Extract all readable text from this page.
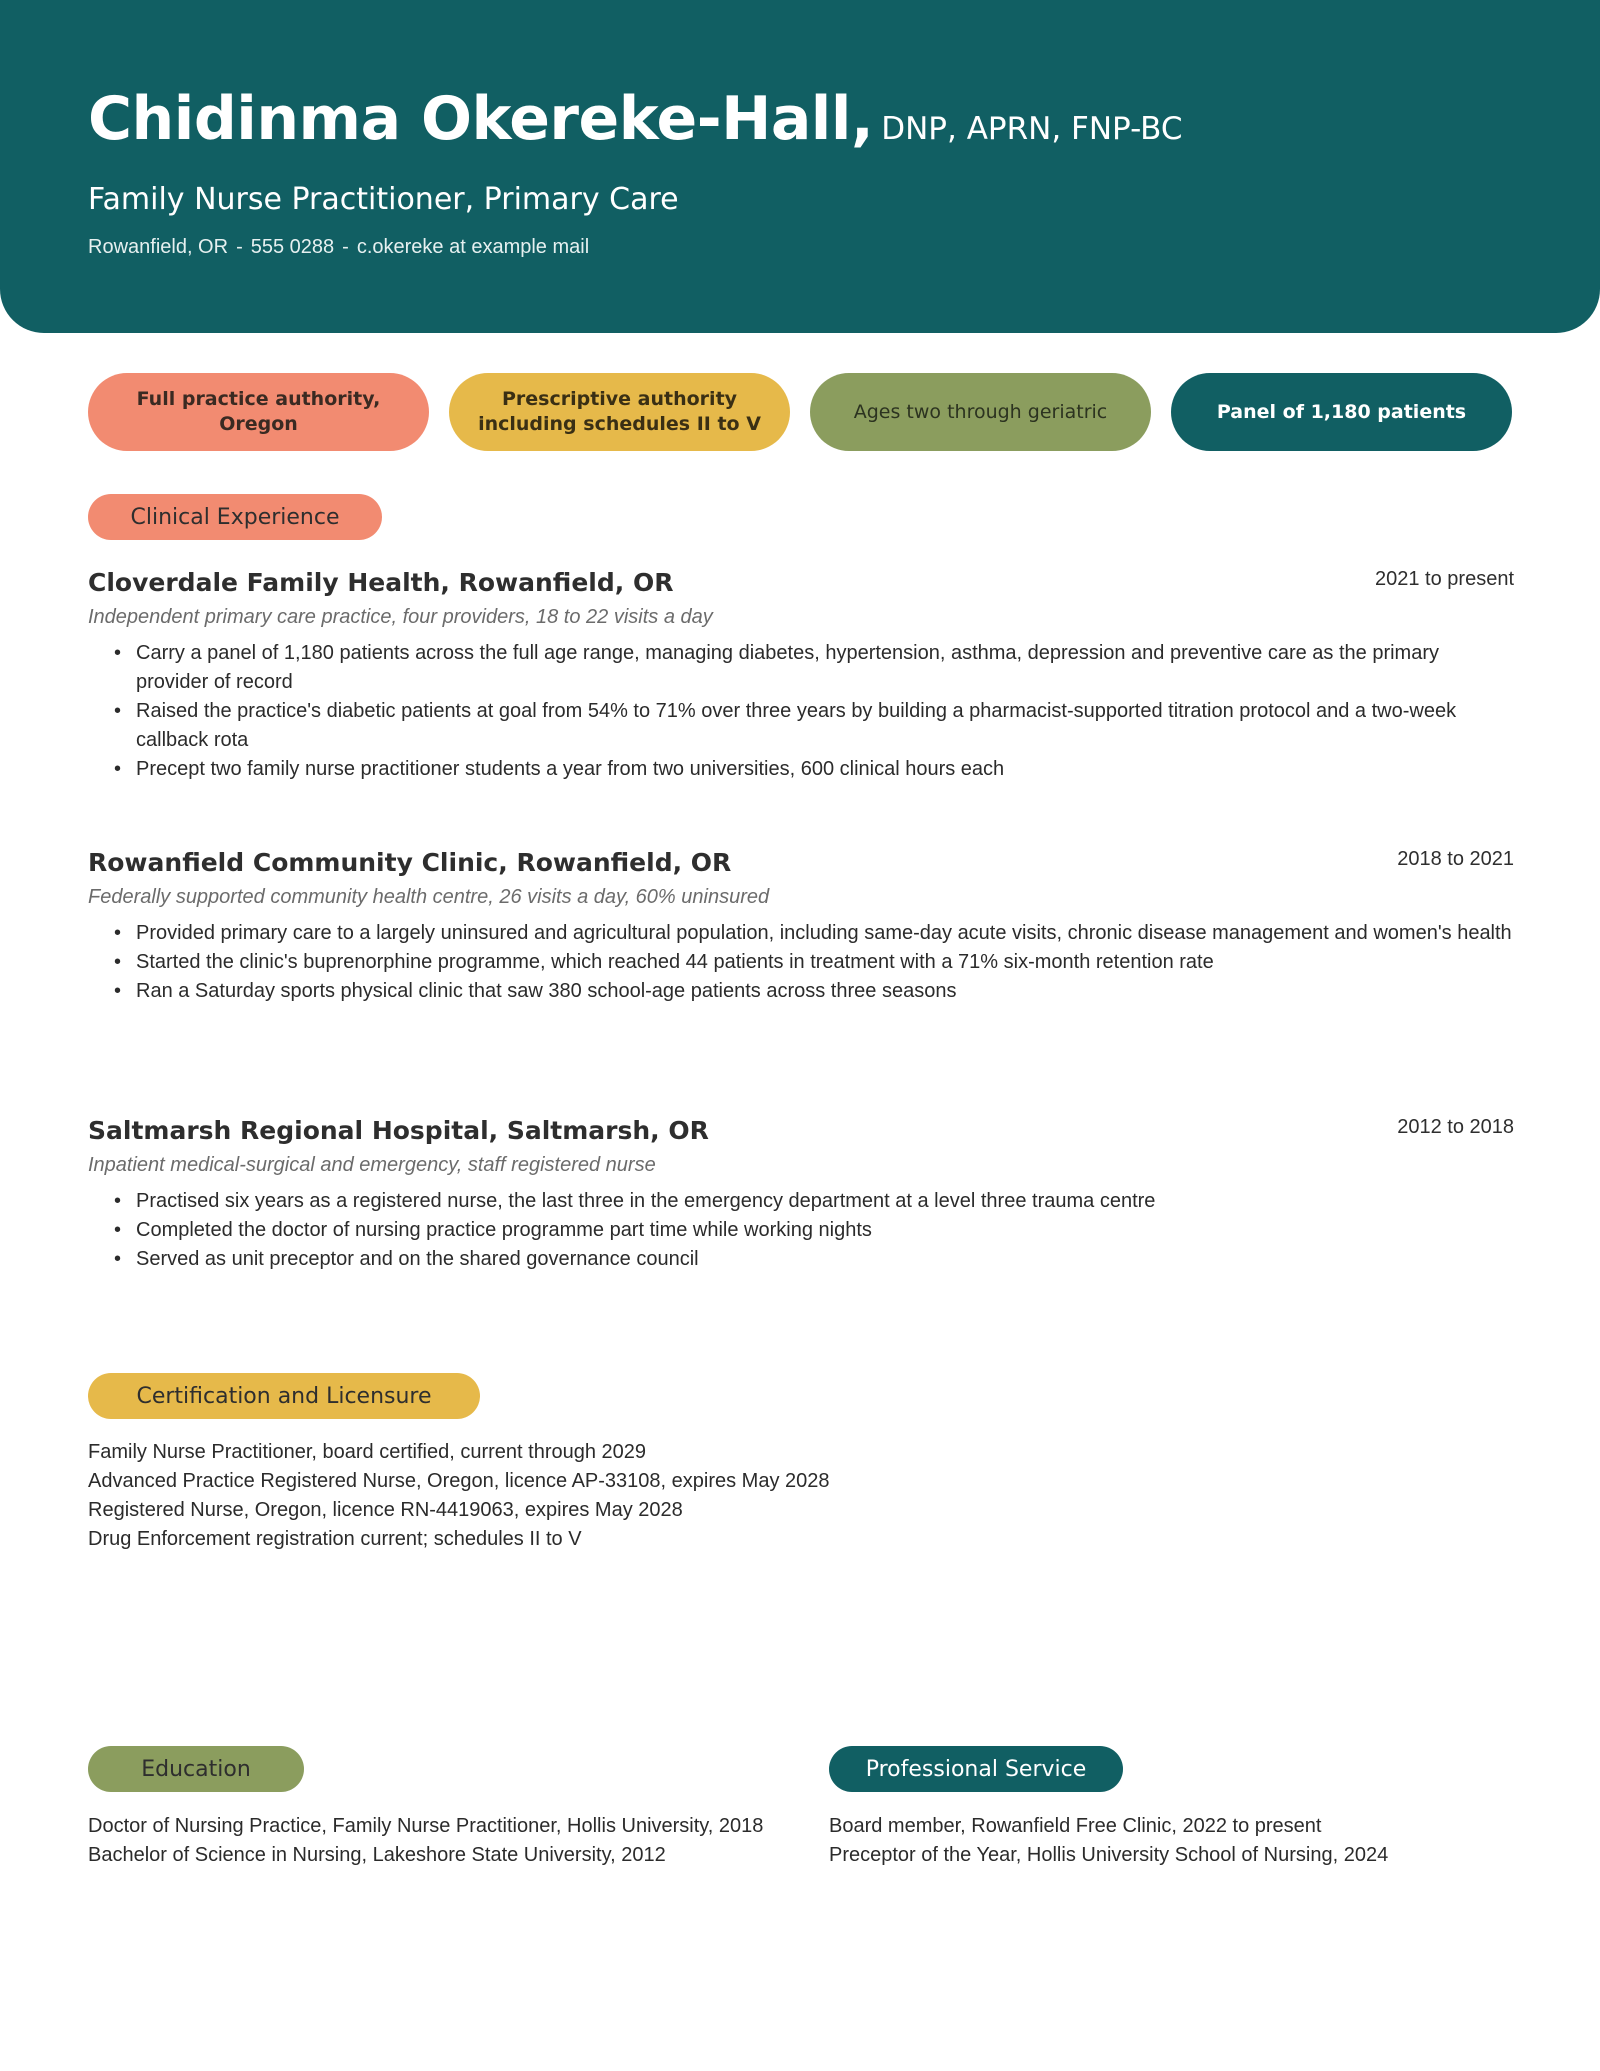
Chidinma Okereke-Hall, DNP, APRN, FNP-BC
Family Nurse Practitioner, Primary Care
Rowanfield, OR - 555 0288 - c.okereke at example mail
Full practice authority, Oregon
Prescriptive authority including schedules II to V
Ages two through geriatric	Panel of 1,180 patients
Clinical Experience
Cloverdale Family Health, Rowanfield, OR	2021 to present
Independent primary care practice, four providers, 18 to 22 visits a day
• Carry a panel of 1,180 patients across the full age range, managing diabetes, hypertension, asthma, depression and preventive care as the primary provider of record
• Raised the practice's diabetic patients at goal from 54% to 71% over three years by building a pharmacist-supported titration protocol and a two-week callback rota
• Precept two family nurse practitioner students a year from two universities, 600 clinical hours each
Rowanfield Community Clinic, Rowanfield, OR	2018 to 2021
Federally supported community health centre, 26 visits a day, 60% uninsured
• Provided primary care to a largely uninsured and agricultural population, including same-day acute visits, chronic disease management and women's health
• Started the clinic's buprenorphine programme, which reached 44 patients in treatment with a 71% six-month retention rate
• Ran a Saturday sports physical clinic that saw 380 school-age patients across three seasons
Saltmarsh Regional Hospital, Saltmarsh, OR	2012 to 2018
Inpatient medical-surgical and emergency, staff registered nurse
• Practised six years as a registered nurse, the last three in the emergency department at a level three trauma centre
• Completed the doctor of nursing practice programme part time while working nights
• Served as unit preceptor and on the shared governance council
Certification and Licensure
Family Nurse Practitioner, board certified, current through 2029
Advanced Practice Registered Nurse, Oregon, licence AP-33108, expires May 2028
Registered Nurse, Oregon, licence RN-4419063, expires May 2028
Drug Enforcement registration current; schedules II to V
Education
Doctor of Nursing Practice, Family Nurse Practitioner, Hollis University, 2018
Bachelor of Science in Nursing, Lakeshore State University, 2012
Professional Service
Board member, Rowanfield Free Clinic, 2022 to present
Preceptor of the Year, Hollis University School of Nursing, 2024
